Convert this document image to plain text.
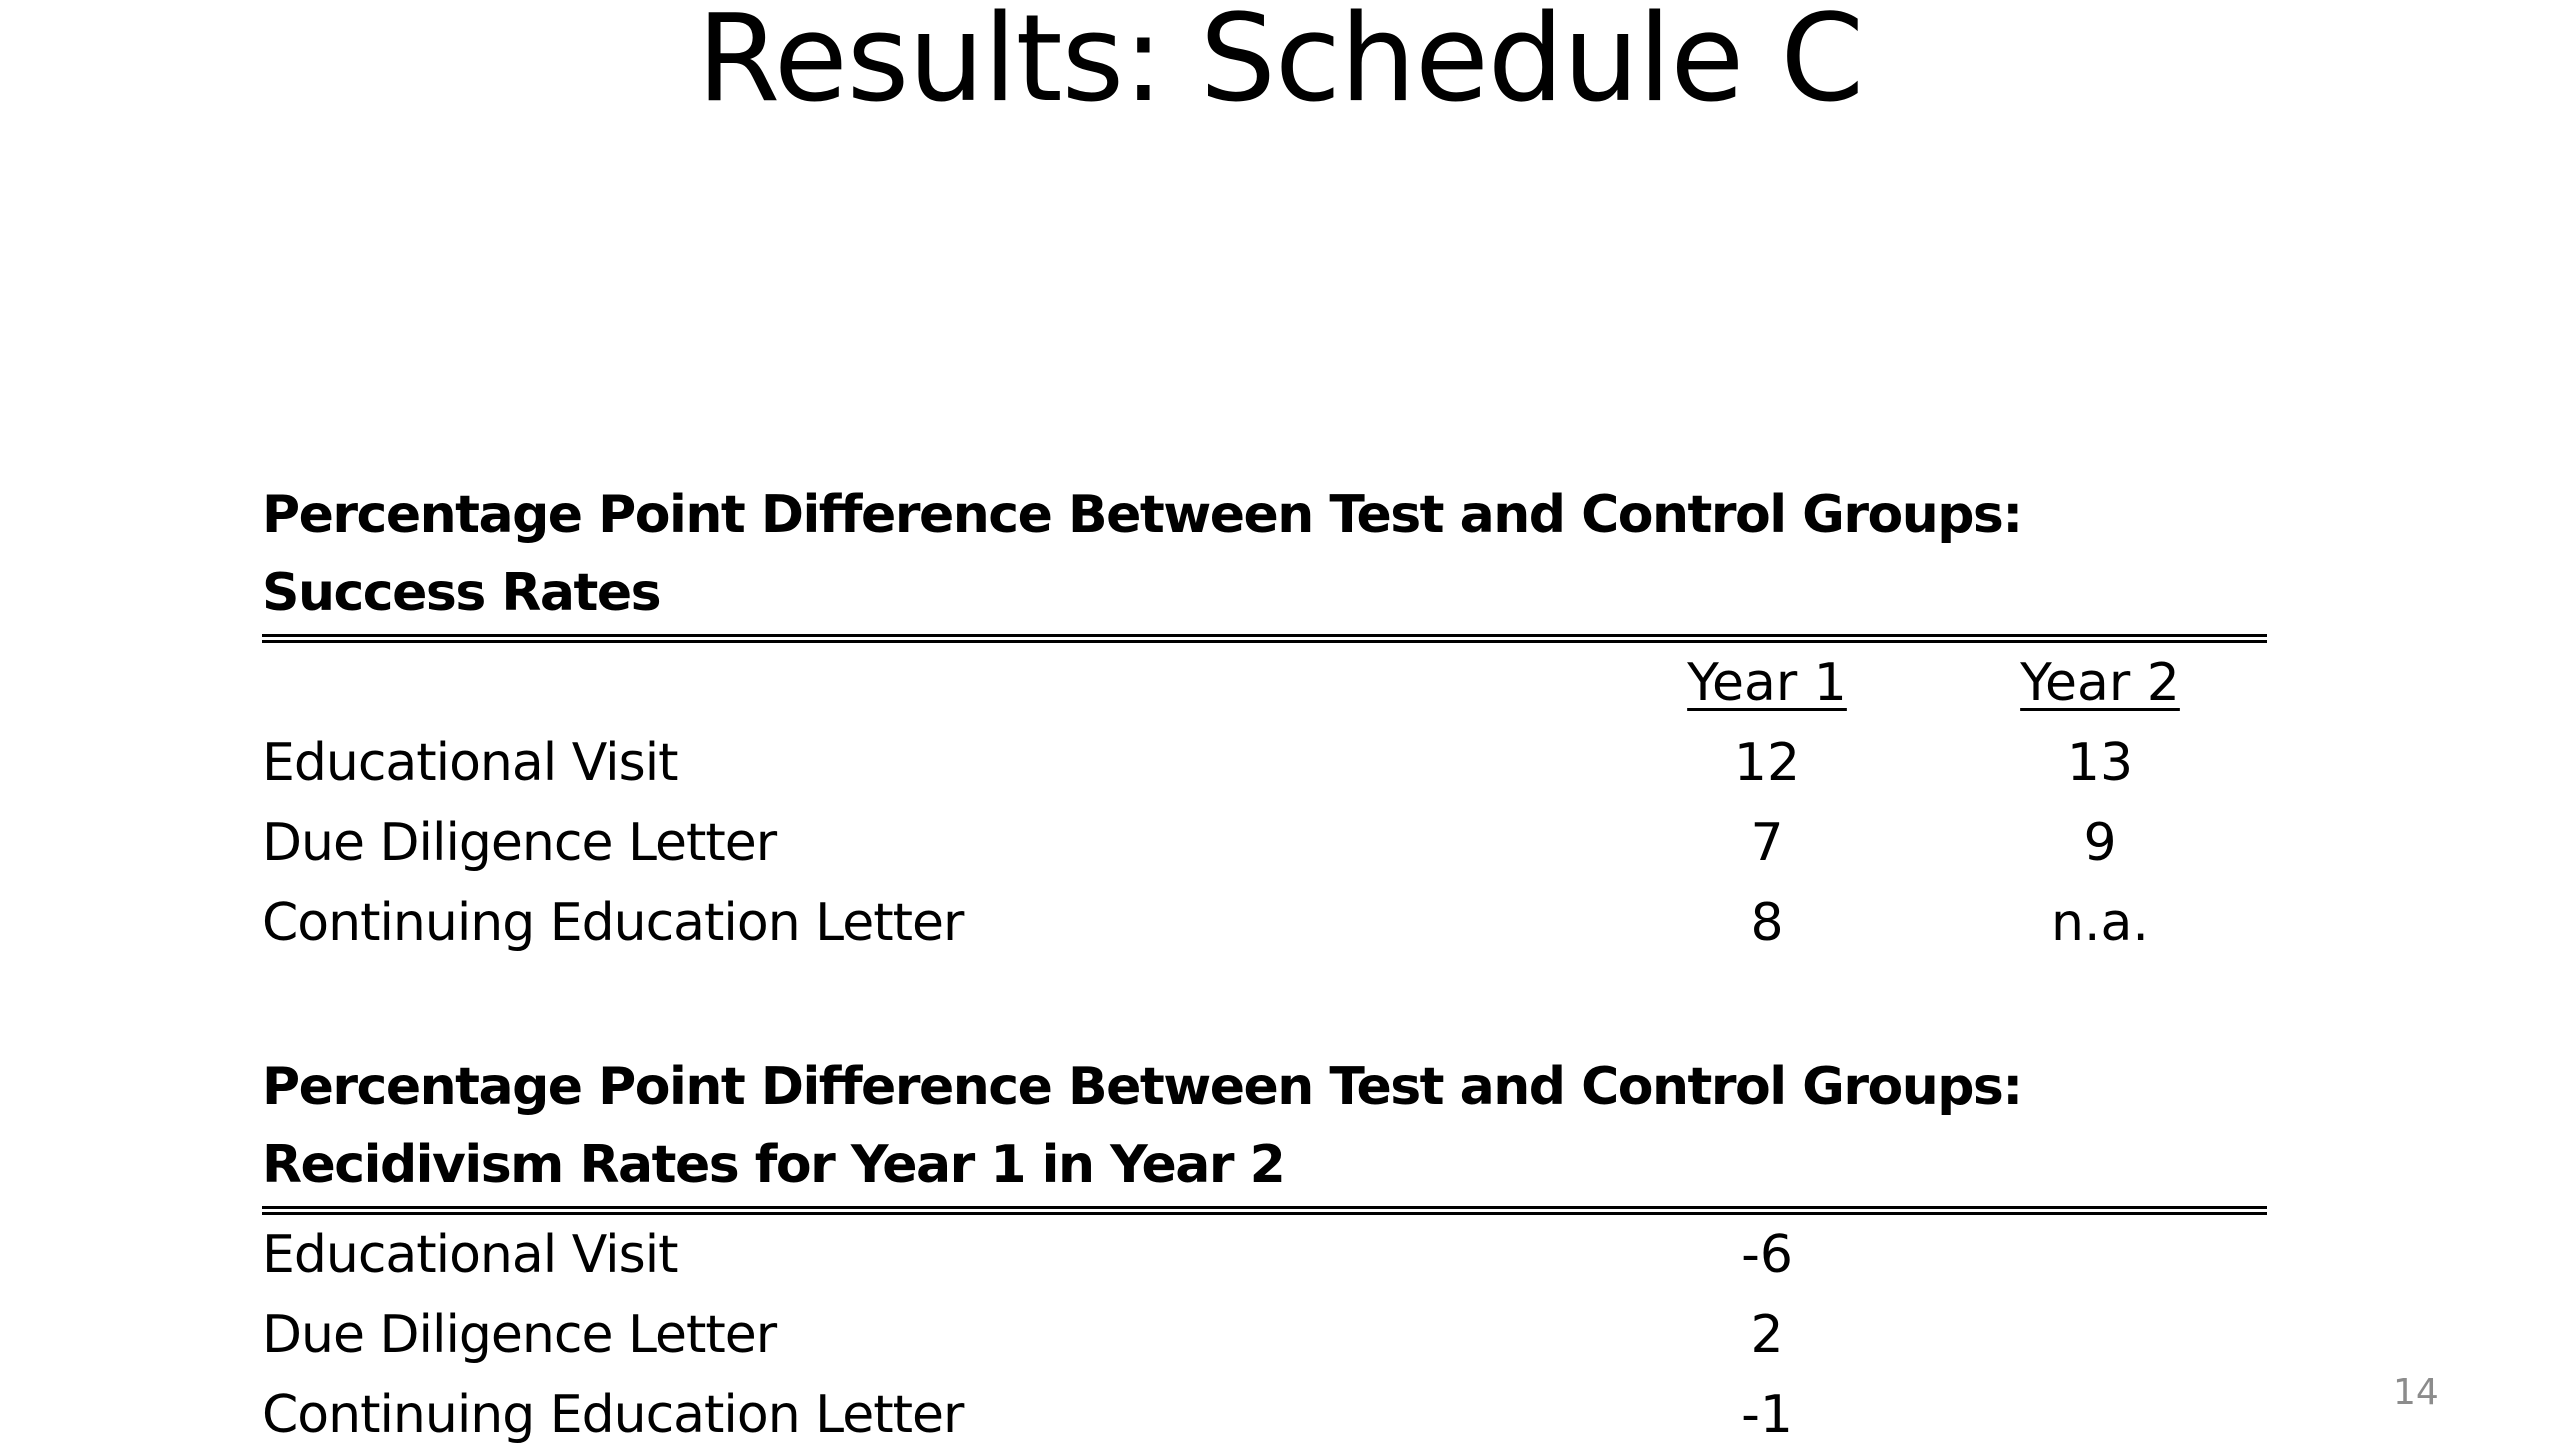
Results: Schedule C
Percentage Point Difference Between Test and Control Groups:
Success Rates
Year 1	Year 2
Educational Visit	12	13
Due Diligence Letter	7	9
Continuing Education Letter	8	n.a.
Percentage Point Difference Between Test and Control Groups:
Recidivism Rates for Year 1 in Year 2
Educational Visit	-6
Due Diligence Letter	2
Continuing Education Letter	-1	14
